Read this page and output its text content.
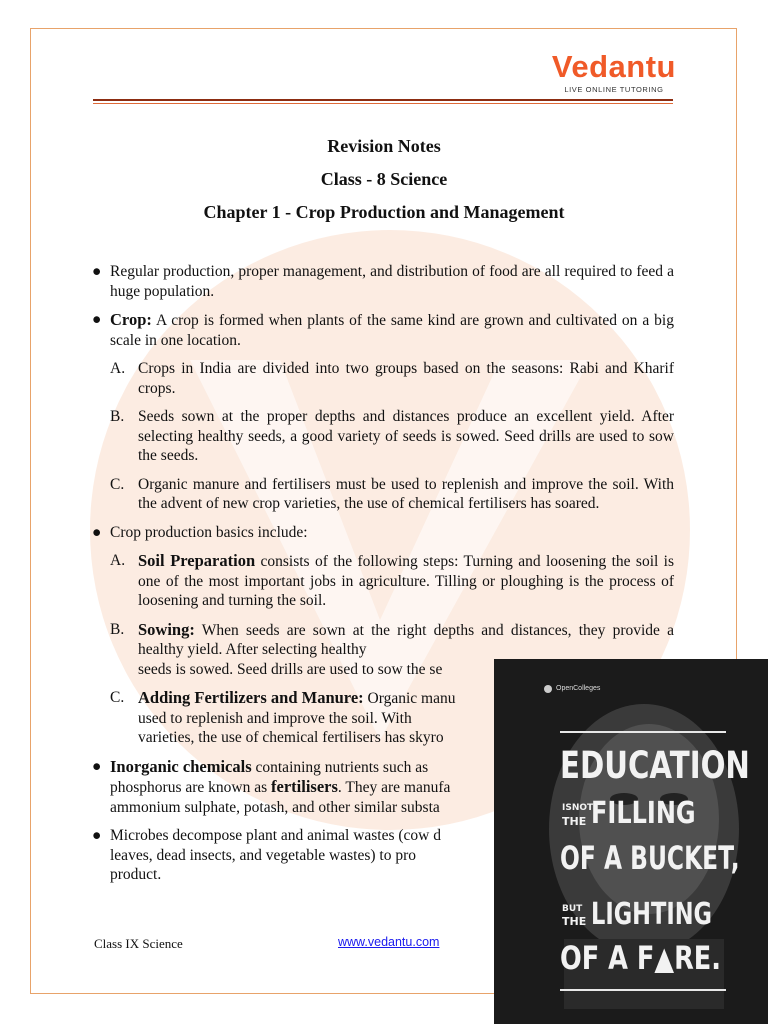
Vedantu
LIVE ONLINE TUTORING
Revision Notes
Class - 8 Science
Chapter 1 - Crop Production and Management
● Regular production, proper management, and distribution of food are all required to feed a huge population.
● Crop: A crop is formed when plants of the same kind are grown and cultivated on a big scale in one location.
A. Crops in India are divided into two groups based on the seasons: Rabi and Kharif crops.
B. Seeds sown at the proper depths and distances produce an excellent yield. After selecting healthy seeds, a good variety of seeds is sowed. Seed drills are used to sow the seeds.
C. Organic manure and fertilisers must be used to replenish and improve the soil. With the advent of new crop varieties, the use of chemical fertilisers has soared.
● Crop production basics include:
A. Soil Preparation consists of the following steps: Turning and loosening the soil is one of the most important jobs in agriculture. Tilling or ploughing is the process of loosening and turning the soil.
B. Sowing: When seeds are sown at the right depths and distances, they provide a healthy yield. After selecting healthy
seeds is sowed. Seed drills are used to sow the se
C. Adding Fertilizers and Manure: Organic manu
used to replenish and improve the soil. With
varieties, the use of chemical fertilisers has skyro
● Inorganic chemicals containing nutrients such as
phosphorus are known as fertilisers. They are manufa
ammonium sulphate, potash, and other similar substa
● Microbes decompose plant and animal wastes (cow d
leaves, dead insects, and vegetable wastes) to pro
product.
Class IX Science	www.vedantu.com
OpenColleges
EDUCATION
ISNOT
THE FILLING
OF A BUCKET,
BUT
THE LIGHTING
OF A F▲RE.
